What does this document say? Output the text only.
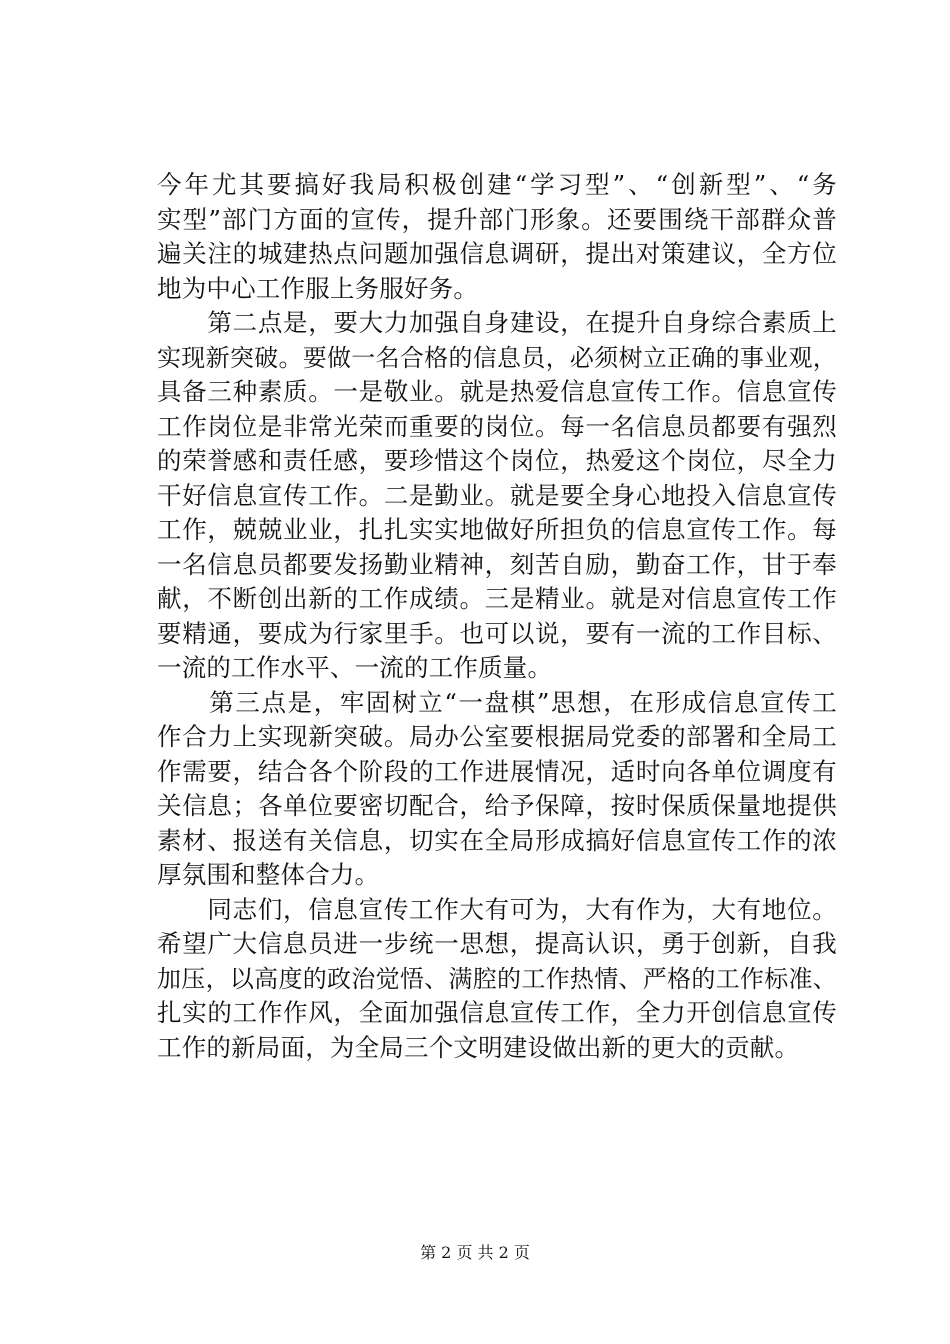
今年尤其要搞好我局积极创建“学习型”、“创新型”、“务
实型”部门方面的宣传，提升部门形象。还要围绕干部群众普
遍关注的城建热点问题加强信息调研，提出对策建议，全方位
地为中心工作服上务服好务。
　　第二点是，要大力加强自身建设，在提升自身综合素质上
实现新突破。要做一名合格的信息员，必须树立正确的事业观，
具备三种素质。一是敬业。就是热爱信息宣传工作。信息宣传
工作岗位是非常光荣而重要的岗位。每一名信息员都要有强烈
的荣誉感和责任感，要珍惜这个岗位，热爱这个岗位，尽全力
干好信息宣传工作。二是勤业。就是要全身心地投入信息宣传
工作，兢兢业业，扎扎实实地做好所担负的信息宣传工作。每
一名信息员都要发扬勤业精神，刻苦自励，勤奋工作，甘于奉
献，不断创出新的工作成绩。三是精业。就是对信息宣传工作
要精通，要成为行家里手。也可以说，要有一流的工作目标、
一流的工作水平、一流的工作质量。
　　第三点是，牢固树立“一盘棋”思想，在形成信息宣传工
作合力上实现新突破。局办公室要根据局党委的部署和全局工
作需要，结合各个阶段的工作进展情况，适时向各单位调度有
关信息；各单位要密切配合，给予保障，按时保质保量地提供
素材、报送有关信息，切实在全局形成搞好信息宣传工作的浓
厚氛围和整体合力。
　　同志们，信息宣传工作大有可为，大有作为，大有地位。
希望广大信息员进一步统一思想，提高认识，勇于创新，自我
加压，以高度的政治觉悟、满腔的工作热情、严格的工作标准、
扎实的工作作风，全面加强信息宣传工作，全力开创信息宣传
工作的新局面，为全局三个文明建设做出新的更大的贡献。
第 2 页 共 2 页
